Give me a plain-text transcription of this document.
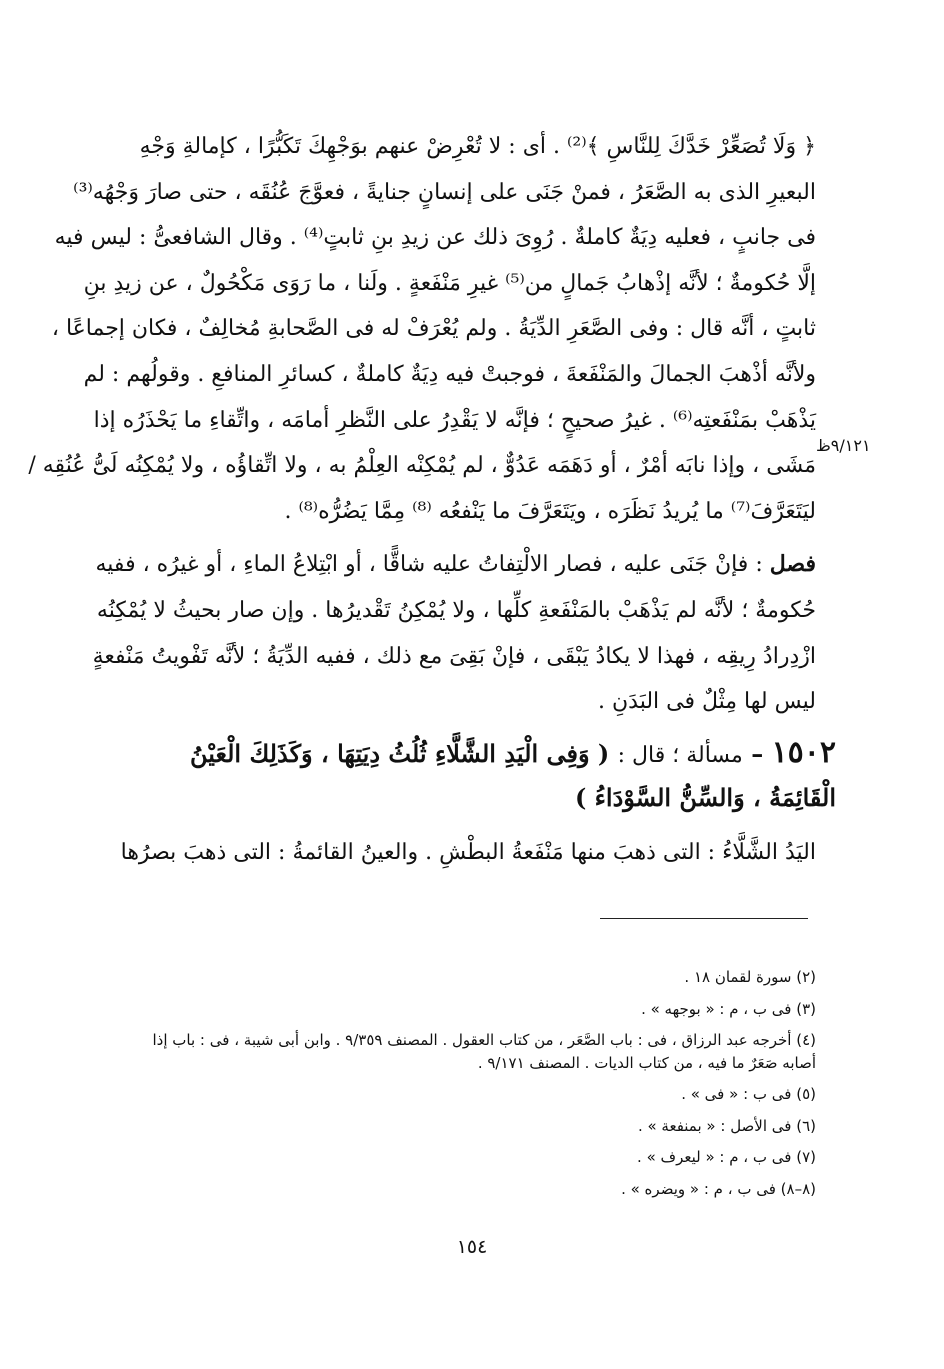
﴿ وَلَا تُصَعِّرْ خَدَّكَ لِلنَّاسِ ﴾⁽²⁾ . أى : لا تُعْرِضْ عنهم بوَجْهِكَ تَكَبُّرًا ، كإمالةِ وَجْهِ
البعيرِ الذى به الصَّعَرُ ، فمنْ جَنَى على إنسانٍ جنايةً ، فعوَّجَ عُنُقَه ، حتى صارَ وَجْهُه⁽³⁾
فى جانبٍ ، فعليه دِيَةٌ كاملةٌ . رُوِىَ ذلك عن زيدِ بنِ ثابتٍ⁽⁴⁾ . وقال الشافعىُّ : ليس فيه
إلَّا حُكومةٌ ؛ لأنَّه إذْهابُ جَمالٍ من⁽⁵⁾ غيرِ مَنْفَعةٍ . ولَنا ، ما رَوَى مَكْحُولٌ ، عن زيدِ بنِ
ثابتٍ ، أنَّه قال : وفى الصَّعَرِ الدِّيَةُ . ولم يُعْرَفْ له فى الصَّحابةِ مُخالِفٌ ، فكان إجماعًا ،
ولأنَّه أذْهبَ الجمالَ والمَنْفَعةَ ، فوجبتْ فيه دِيَةٌ كاملةٌ ، كسائرِ المنافعِ . وقولُهم : لم
يَذْهَبْ بمَنْفَعتِه⁽⁶⁾ . غيرُ صحيحٍ ؛ فإنَّه لا يَقْدِرُ على النَّظرِ أمامَه ، واتِّقاءِ ما يَحْذَرُه إذا
مَشَى ، وإذا نابَه أمْرٌ ، أو دَهَمَه عَدُوٌّ ، لم يُمْكِنْه العِلْمُ به ، ولا اتِّقاؤُه ، ولا يُمْكِنُه لَىُّ عُنُقِه /
ليَتَعَرَّفَ⁽⁷⁾ ما يُريدُ نَظَرَه ، ويَتَعَرَّفَ ما يَنْفعُه ⁽⁸⁾ مِمَّا يَضُرُّه⁽⁸⁾ .
فصل : فإنْ جَنَى عليه ، فصار الالْتِفاتُ عليه شاقًّا ، أو ابْتِلاعُ الماءِ ، أو غيرُه ، ففيه
حُكومةٌ ؛ لأنَّه لم يَذْهَبْ بالمَنْفَعةِ كلِّها ، ولا يُمْكِنُ تَقْديرُها . وإن صار بحيثُ لا يُمْكِنُه
ازْدِرادُ رِيقِه ، فهذا لا يكادُ يَبْقَى ، فإنْ بَقِىَ مع ذلك ، ففيه الدِّيَةُ ؛ لأنَّه تَفْويتُ مَنْفعةٍ
ليس لها مِثْلٌ فى البَدَنِ .
٩/١٢١ظ
١٥٠٢ – مسألة ؛ قال : ( وَفِى الْيَدِ الشَّلَّاءِ ثُلُثُ دِيَتِهَا ، وَكَذَلِكَ الْعَيْنُ
الْقَائِمَةُ ، وَالسِّنُّ السَّوْدَاءُ )
اليَدُ الشَّلَّاءُ : التى ذهبَ منها مَنْفَعةُ البطْشِ . والعينُ القائمةُ : التى ذهبَ بصرُها
(٢) سورة لقمان ١٨ .
(٣) فى ب ، م : « بوجهه » .
(٤) أخرجه عبد الرزاق ، فى : باب الصَّعَر ، من كتاب العقول . المصنف ٩/٣٥٩ . وابن أبى شيبة ، فى : باب إذا أصابه صَعَرٌ ما فيه ، من كتاب الديات . المصنف ٩/١٧١ .
(٥) فى ب : « فى » .
(٦) فى الأصل : « بمنفعة » .
(٧) فى ب ، م : « ليعرف » .
(٨–٨) فى ب ، م : « ويضره » .
١٥٤
